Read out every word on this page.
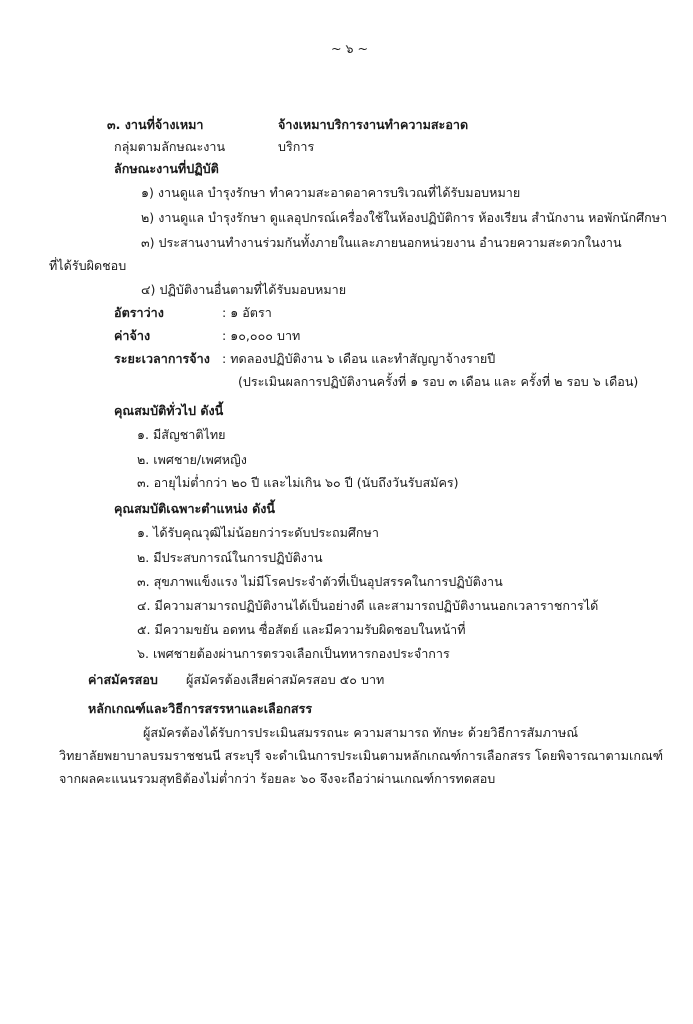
~ ๖ ~
๓. งานที่จ้างเหมา	จ้างเหมาบริการงานทำความสะอาด
กลุ่มตามลักษณะงาน	บริการ
ลักษณะงานที่ปฏิบัติ
๑) งานดูแล บำรุงรักษา ทำความสะอาดอาคารบริเวณที่ได้รับมอบหมาย
๒) งานดูแล บำรุงรักษา ดูแลอุปกรณ์เครื่องใช้ในห้องปฏิบัติการ ห้องเรียน สำนักงาน หอพักนักศึกษา
๓) ประสานงานทำงานร่วมกันทั้งภายในและภายนอกหน่วยงาน อำนวยความสะดวกในงาน
ที่ได้รับผิดชอบ
๔) ปฏิบัติงานอื่นตามที่ได้รับมอบหมาย
อัตราว่าง	: ๑ อัตรา
ค่าจ้าง	: ๑๐,๐๐๐ บาท
ระยะเวลาการจ้าง : ทดลองปฏิบัติงาน ๖ เดือน และทำสัญญาจ้างรายปี
(ประเมินผลการปฏิบัติงานครั้งที่ ๑ รอบ ๓ เดือน และ ครั้งที่ ๒ รอบ ๖ เดือน)
คุณสมบัติทั่วไป ดังนี้
๑. มีสัญชาติไทย
๒. เพศชาย/เพศหญิง
๓. อายุไม่ต่ำกว่า ๒๐ ปี และไม่เกิน ๖๐ ปี (นับถึงวันรับสมัคร)
คุณสมบัติเฉพาะตำแหน่ง ดังนี้
๑. ได้รับคุณวุฒิไม่น้อยกว่าระดับประถมศึกษา
๒. มีประสบการณ์ในการปฏิบัติงาน
๓. สุขภาพแข็งแรง ไม่มีโรคประจำตัวที่เป็นอุปสรรคในการปฏิบัติงาน
๔. มีความสามารถปฏิบัติงานได้เป็นอย่างดี และสามารถปฏิบัติงานนอกเวลาราชการได้
๕. มีความขยัน อดทน ซื่อสัตย์ และมีความรับผิดชอบในหน้าที่
๖. เพศชายต้องผ่านการตรวจเลือกเป็นทหารกองประจำการ
ค่าสมัครสอบ ผู้สมัครต้องเสียค่าสมัครสอบ ๕๐ บาท
หลักเกณฑ์และวิธีการสรรหาและเลือกสรร
ผู้สมัครต้องได้รับการประเมินสมรรถนะ ความสามารถ ทักษะ ด้วยวิธีการสัมภาษณ์
วิทยาลัยพยาบาลบรมราชชนนี สระบุรี จะดำเนินการประเมินตามหลักเกณฑ์การเลือกสรร โดยพิจารณาตามเกณฑ์
จากผลคะแนนรวมสุทธิต้องไม่ต่ำกว่า ร้อยละ ๖๐ จึงจะถือว่าผ่านเกณฑ์การทดสอบ
